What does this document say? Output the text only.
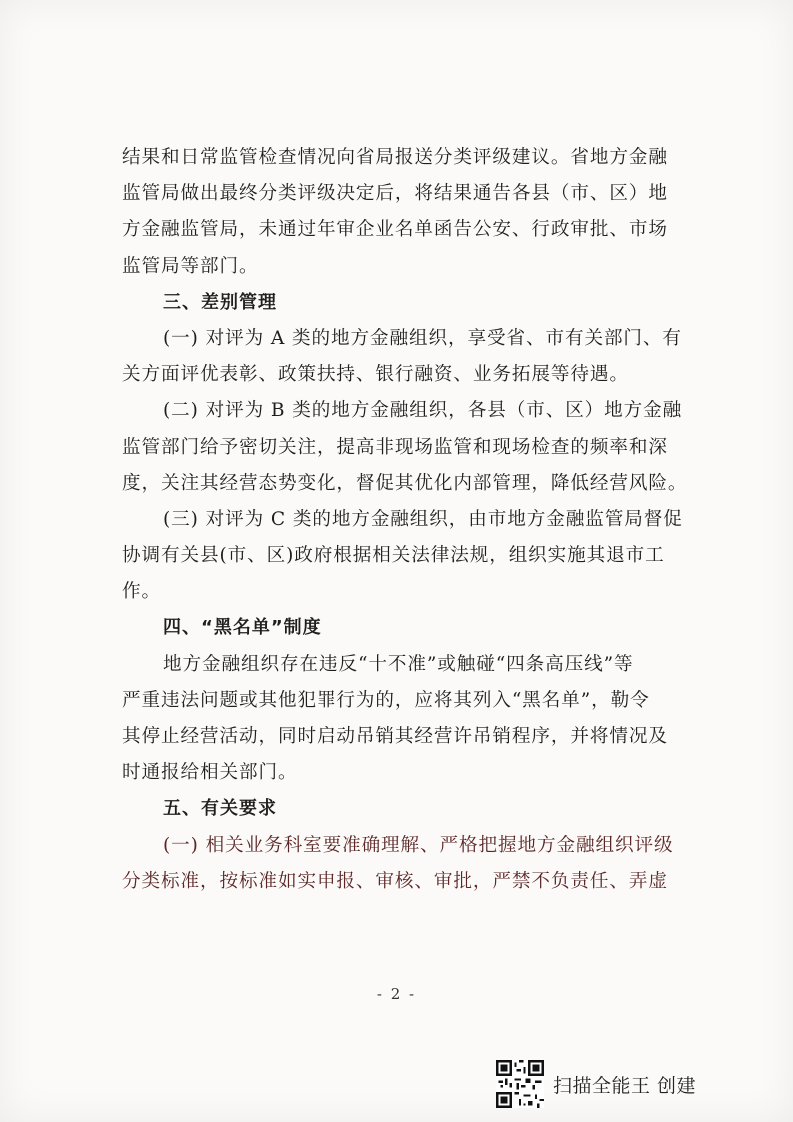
结果和日常监管检查情况向省局报送分类评级建议。省地方金融
监管局做出最终分类评级决定后，将结果通告各县（市、区）地
方金融监管局，未通过年审企业名单函告公安、行政审批、市场
监管局等部门。
三、差别管理
(一) 对评为 A 类的地方金融组织，享受省、市有关部门、有
关方面评优表彰、政策扶持、银行融资、业务拓展等待遇。
(二) 对评为 B 类的地方金融组织，各县（市、区）地方金融
监管部门给予密切关注，提高非现场监管和现场检查的频率和深
度，关注其经营态势变化，督促其优化内部管理，降低经营风险。
(三) 对评为 C 类的地方金融组织，由市地方金融监管局督促
协调有关县(市、区)政府根据相关法律法规，组织实施其退市工
作。
四、“黑名单”制度
地方金融组织存在违反“十不准”或触碰“四条高压线”等
严重违法问题或其他犯罪行为的，应将其列入“黑名单”，勒令
其停止经营活动，同时启动吊销其经营许吊销程序，并将情况及
时通报给相关部门。
五、有关要求
(一) 相关业务科室要准确理解、严格把握地方金融组织评级
分类标准，按标准如实申报、审核、审批，严禁不负责任、弄虚
- 2 -
扫描全能王 创建
